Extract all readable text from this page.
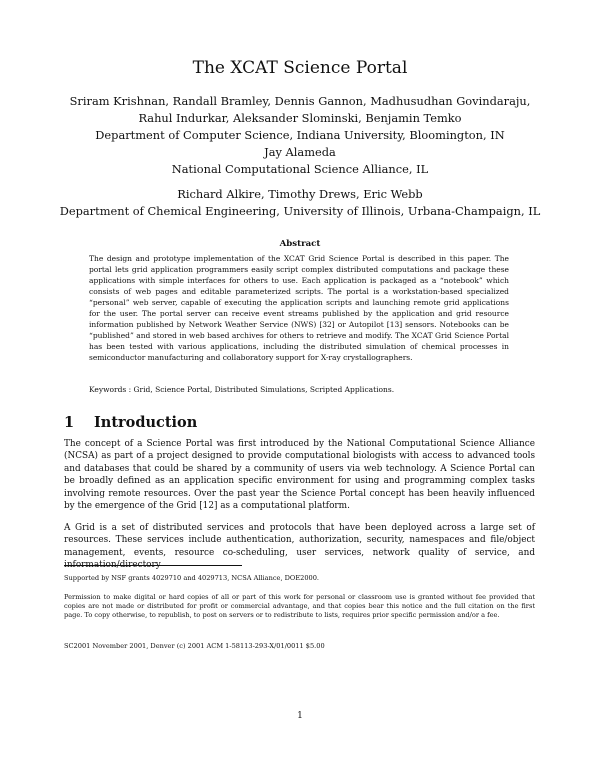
The XCAT Science Portal
Sriram Krishnan, Randall Bramley, Dennis Gannon, Madhusudhan Govindaraju,
Rahul Indurkar, Aleksander Slominski, Benjamin Temko
Department of Computer Science, Indiana University, Bloomington, IN
Jay Alameda
National Computational Science Alliance, IL
Richard Alkire, Timothy Drews, Eric Webb
Department of Chemical Engineering, University of Illinois, Urbana-Champaign, IL
Abstract
The design and prototype implementation of the XCAT Grid Science Portal is described in this paper. The portal lets grid application programmers easily script complex distributed computations and package these applications with simple interfaces for others to use. Each application is packaged as a “notebook” which consists of web pages and editable parameterized scripts. The portal is a workstation-based specialized “personal” web server, capable of executing the application scripts and launching remote grid applications for the user. The portal server can receive event streams published by the application and grid resource information published by Network Weather Service (NWS) [32] or Autopilot [13] sensors. Notebooks can be “published” and stored in web based archives for others to retrieve and modify. The XCAT Grid Science Portal has been tested with various applications, including the distributed simulation of chemical processes in semiconductor manufacturing and collaboratory support for X-ray crystallographers.
Keywords : Grid, Science Portal, Distributed Simulations, Scripted Applications.
1 Introduction
The concept of a Science Portal was first introduced by the National Computational Science Alliance (NCSA) as part of a project designed to provide computational biologists with access to advanced tools and databases that could be shared by a community of users via web technology. A Science Portal can be broadly defined as an application specific environment for using and programming complex tasks involving remote resources. Over the past year the Science Portal concept has been heavily influenced by the emergence of the Grid [12] as a computational platform.
A Grid is a set of distributed services and protocols that have been deployed across a large set of resources. These services include authentication, authorization, security, namespaces and file/object management, events, resource co-scheduling, user services, network quality of service, and information/directory
Supported by NSF grants 4029710 and 4029713, NCSA Alliance, DOE2000.
Permission to make digital or hard copies of all or part of this work for personal or classroom use is granted without fee provided that copies are not made or distributed for profit or commercial advantage, and that copies bear this notice and the full citation on the first page. To copy otherwise, to republish, to post on servers or to redistribute to lists, requires prior specific permission and/or a fee.
SC2001 November 2001, Denver (c) 2001 ACM 1-58113-293-X/01/0011 $5.00
1
